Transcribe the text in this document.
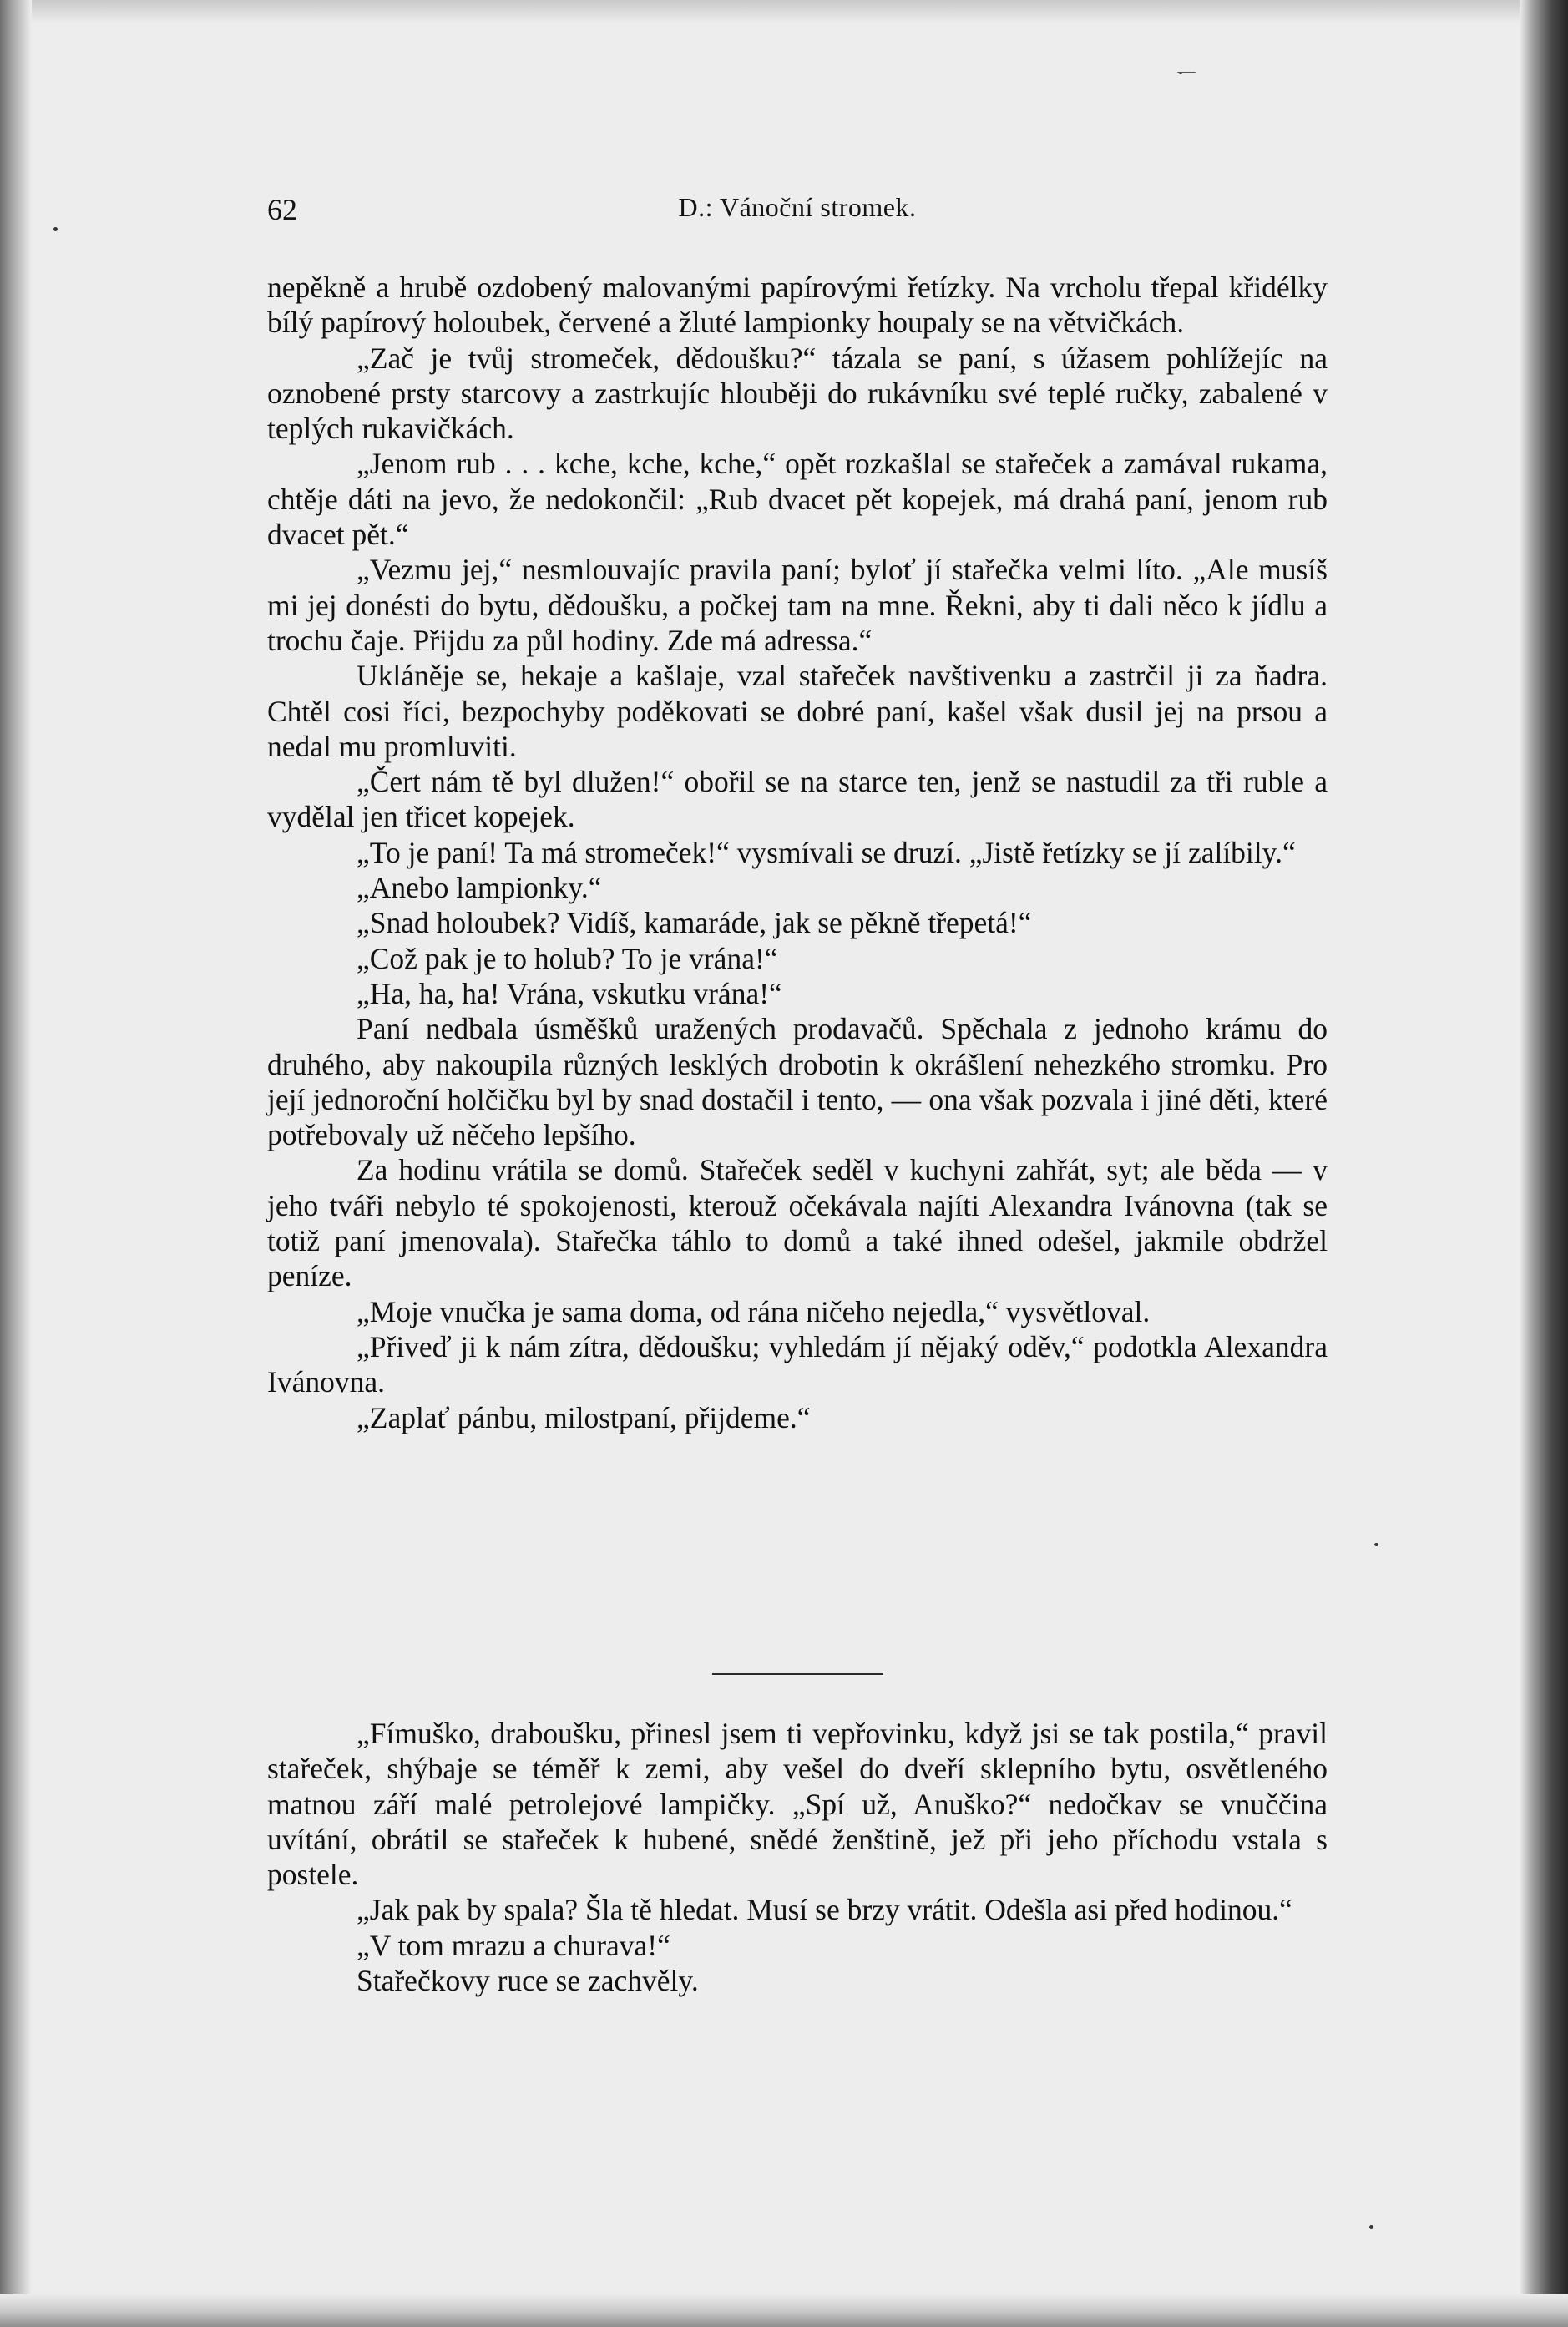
62	D.: Vánoční stromek.

nepěkně a hrubě ozdobený malovanými papírovými řetízky. Na vrcholu třepal křidélky bílý papírový holoubek, červené a žluté lampionky houpaly se na větvičkách.

„Zač je tvůj stromeček, dědoušku?“ tázala se paní, s úžasem pohlížejíc na oznobené prsty starcovy a zastrkujíc hlouběji do rukávníku své teplé ručky, zabalené v teplých rukavičkách.

„Jenom rub . . . kche, kche, kche,“ opět rozkašlal se stařeček a zamával rukama, chtěje dáti na jevo, že nedokončil: „Rub dvacet pět kopejek, má drahá paní, jenom rub dvacet pět.“

„Vezmu jej,“ nesmlouvajíc pravila paní; byloť jí stařečka velmi líto. „Ale musíš mi jej donésti do bytu, dědoušku, a počkej tam na mne. Řekni, aby ti dali něco k jídlu a trochu čaje. Přijdu za půl hodiny. Zde má adressa.“

Ukláněje se, hekaje a kašlaje, vzal stařeček navštivenku a zastrčil ji za ňadra. Chtěl cosi říci, bezpochyby poděkovati se dobré paní, kašel však dusil jej na prsou a nedal mu promluviti.

„Čert nám tě byl dlužen!“ obořil se na starce ten, jenž se nastudil za tři ruble a vydělal jen třicet kopejek.

„To je paní! Ta má stromeček!“ vysmívali se druzí. „Jistě řetízky se jí zalíbily.“

„Anebo lampionky.“

„Snad holoubek? Vidíš, kamaráde, jak se pěkně třepetá!“

„Což pak je to holub? To je vrána!“

„Ha, ha, ha! Vrána, vskutku vrána!“

Paní nedbala úsměšků uražených prodavačů. Spěchala z jednoho krámu do druhého, aby nakoupila různých lesklých drobotin k okrášlení nehezkého stromku. Pro její jednoroční holčičku byl by snad dostačil i tento, — ona však pozvala i jiné děti, které potřebovaly už něčeho lepšího.

Za hodinu vrátila se domů. Stařeček seděl v kuchyni zahřát, syt; ale běda — v jeho tváři nebylo té spokojenosti, kterouž očekávala najíti Alexandra Ivánovna (tak se totiž paní jmenovala). Stařečka táhlo to domů a také ihned odešel, jakmile obdržel peníze.

„Moje vnučka je sama doma, od rána ničeho nejedla,“ vysvětloval.

„Přiveď ji k nám zítra, dědoušku; vyhledám jí nějaký oděv,“ podotkla Alexandra Ivánovna.

„Zaplať pánbu, milostpaní, přijdeme.“

„Fímuško, draboušku, přinesl jsem ti vepřovinku, když jsi se tak postila,“ pravil stařeček, shýbaje se téměř k zemi, aby vešel do dveří sklepního bytu, osvětleného matnou září malé petrolejové lampičky. „Spí už, Anuško?“ nedočkav se vnuččina uvítání, obrátil se stařeček k hubené, snědé ženštině, jež při jeho příchodu vstala s postele.

„Jak pak by spala? Šla tě hledat. Musí se brzy vrátit. Odešla asi před hodinou.“

„V tom mrazu a churava!“

Stařečkovy ruce se zachvěly.
